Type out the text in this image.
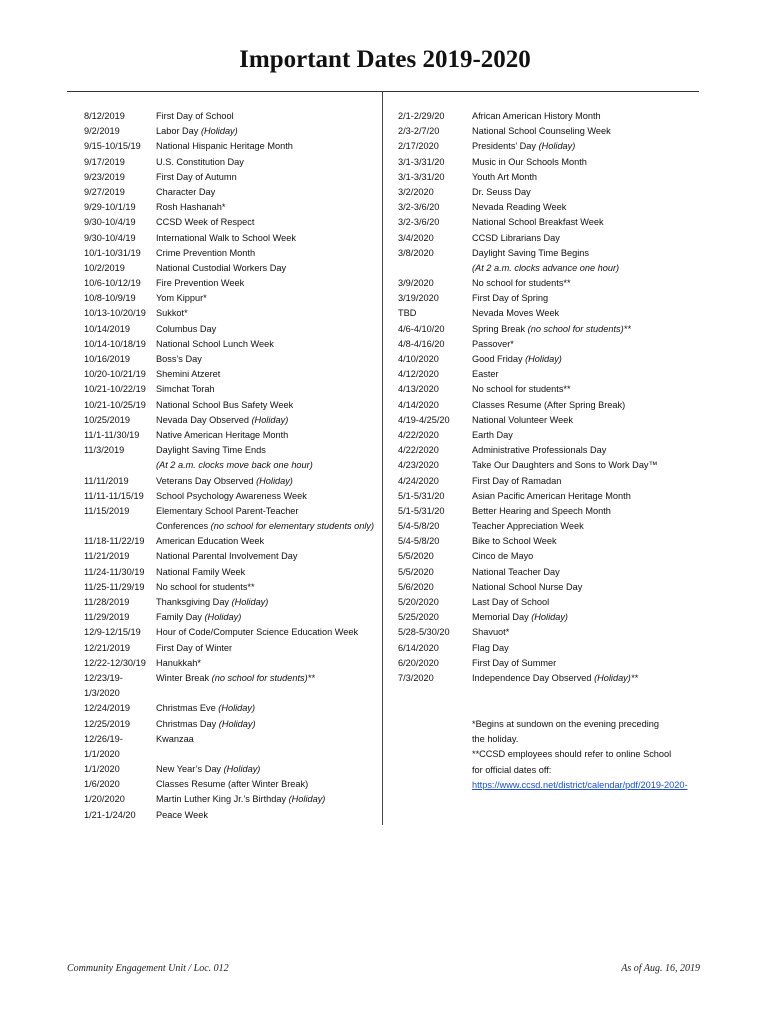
Important Dates 2019-2020
8/12/2019	First Day of School
9/2/2019	Labor Day (Holiday)
9/15-10/15/19	National Hispanic Heritage Month
9/17/2019	U.S. Constitution Day
9/23/2019	First Day of Autumn
9/27/2019	Character Day
9/29-10/1/19	Rosh Hashanah*
9/30-10/4/19	CCSD Week of Respect
9/30-10/4/19	International Walk to School Week
10/1-10/31/19	Crime Prevention Month
10/2/2019	National Custodial Workers Day
10/6-10/12/19	Fire Prevention Week
10/8-10/9/19	Yom Kippur*
10/13-10/20/19	Sukkot*
10/14/2019	Columbus Day
10/14-10/18/19	National School Lunch Week
10/16/2019	Boss’s Day
10/20-10/21/19	Shemini Atzeret
10/21-10/22/19	Simchat Torah
10/21-10/25/19	National School Bus Safety Week
10/25/2019	Nevada Day Observed (Holiday)
11/1-11/30/19	Native American Heritage Month
11/3/2019	Daylight Saving Time Ends
(At 2 a.m. clocks move back one hour)
11/11/2019	Veterans Day Observed (Holiday)
11/11-11/15/19	School Psychology Awareness Week
11/15/2019	Elementary School Parent-Teacher
Conferences (no school for elementary students only)
11/18-11/22/19	American Education Week
11/21/2019	National Parental Involvement Day
11/24-11/30/19	National Family Week
11/25-11/29/19	No school for students**
11/28/2019	Thanksgiving Day (Holiday)
11/29/2019	Family Day (Holiday)
12/9-12/15/19	Hour of Code/Computer Science Education Week
12/21/2019	First Day of Winter
12/22-12/30/19	Hanukkah*
12/23/19-	Winter Break (no school for students)**
1/3/2020
12/24/2019	Christmas Eve (Holiday)
12/25/2019	Christmas Day (Holiday)
12/26/19-	Kwanzaa
1/1/2020
1/1/2020	New Year’s Day (Holiday)
1/6/2020	Classes Resume (after Winter Break)
1/20/2020	Martin Luther King Jr.’s Birthday (Holiday)
1/21-1/24/20	Peace Week
2/1-2/29/20	African American History Month
2/3-2/7/20	National School Counseling Week
2/17/2020	Presidents’ Day (Holiday)
3/1-3/31/20	Music in Our Schools Month
3/1-3/31/20	Youth Art Month
3/2/2020	Dr. Seuss Day
3/2-3/6/20	Nevada Reading Week
3/2-3/6/20	National School Breakfast Week
3/4/2020	CCSD Librarians Day
3/8/2020	Daylight Saving Time Begins
(At 2 a.m. clocks advance one hour)
3/9/2020	No school for students**
3/19/2020	First Day of Spring
TBD	Nevada Moves Week
4/6-4/10/20	Spring Break (no school for students)**
4/8-4/16/20	Passover*
4/10/2020	Good Friday (Holiday)
4/12/2020	Easter
4/13/2020	No school for students**
4/14/2020	Classes Resume (After Spring Break)
4/19-4/25/20	National Volunteer Week
4/22/2020	Earth Day
4/22/2020	Administrative Professionals Day
4/23/2020	Take Our Daughters and Sons to Work Day™
4/24/2020	First Day of Ramadan
5/1-5/31/20	Asian Pacific American Heritage Month
5/1-5/31/20	Better Hearing and Speech Month
5/4-5/8/20	Teacher Appreciation Week
5/4-5/8/20	Bike to School Week
5/5/2020	Cinco de Mayo
5/5/2020	National Teacher Day
5/6/2020	National School Nurse Day
5/20/2020	Last Day of School
5/25/2020	Memorial Day (Holiday)
5/28-5/30/20	Shavuot*
6/14/2020	Flag Day
6/20/2020	First Day of Summer
7/3/2020	Independence Day Observed (Holiday)**
*Begins at sundown on the evening preceding
the holiday.
**CCSD employees should refer to online School
for official dates off:
https://www.ccsd.net/district/calendar/pdf/2019-2020-
Community Engagement Unit / Loc. 012	As of Aug. 16, 2019
